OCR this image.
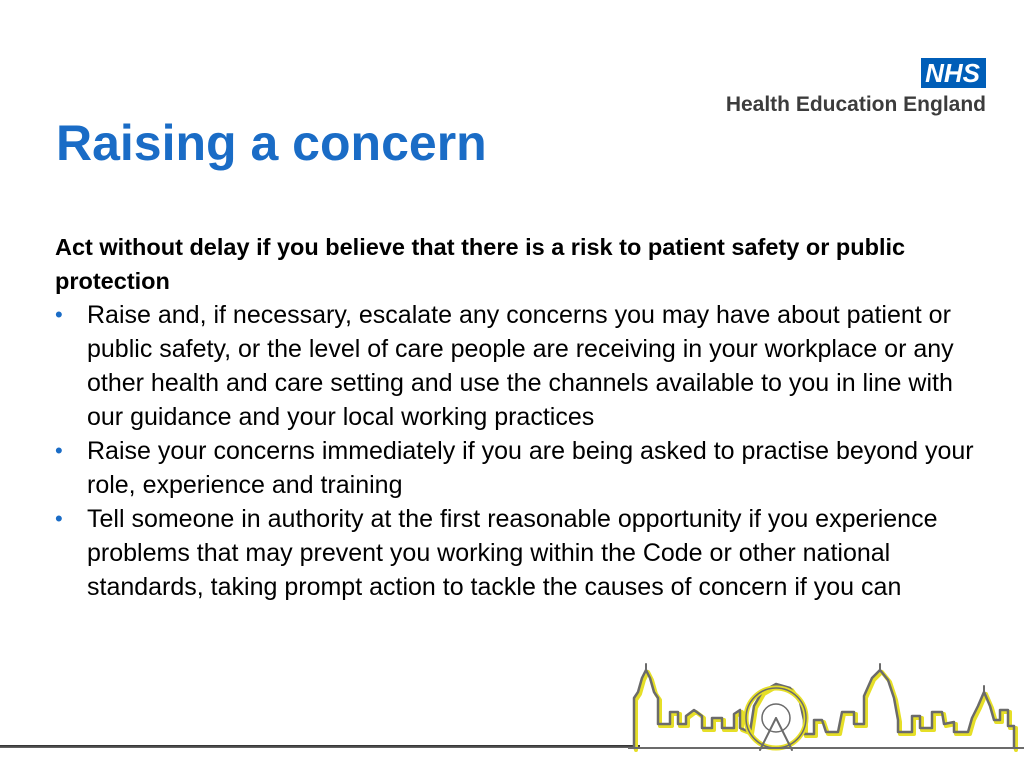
NHS
Health Education England
Raising a concern

Act without delay if you believe that there is a risk to patient safety or public protection

• Raise and, if necessary, escalate any concerns you may have about patient or public safety, or the level of care people are receiving in your workplace or any other health and care setting and use the channels available to you in line with our guidance and your local working practices
• Raise your concerns immediately if you are being asked to practise beyond your role, experience and training
• Tell someone in authority at the first reasonable opportunity if you experience problems that may prevent you working within the Code or other national standards, taking prompt action to tackle the causes of concern if you can
